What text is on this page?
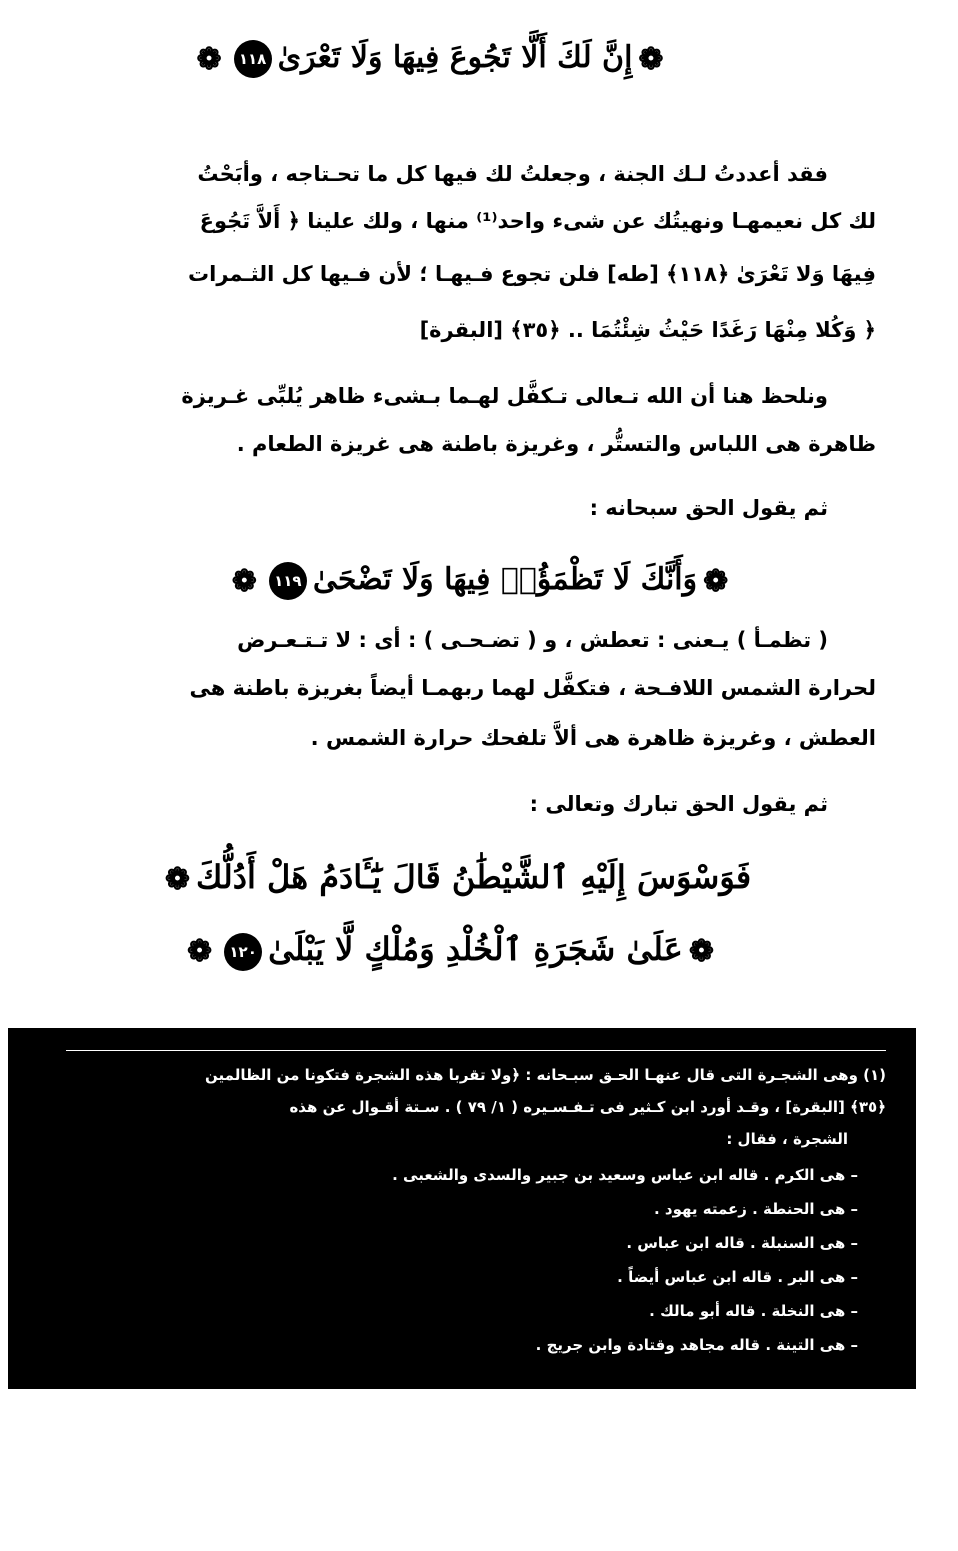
❁إِنَّ لَكَ أَلَّا تَجُوعَ فِيهَا وَلَا تَعْرَىٰ١١٨❁
فقد أعددتُ لـك الجنة ، وجعلتُ لك فيها كل ما تحـتاجه ، وأبَحْتُ
لك كل نعيمهـا ونهيتُك عن شىء واحد⁽¹⁾ منها ، ولك علينا ﴿ أَلاَّ تَجُوعَ
فِيهَا وَلا تَعْرَىٰ ﴿١١٨﴾ [طه] فلن تجوع فـيهـا ؛ لأن فـيها كل الثـمرات
﴿ وَكُلا مِنْهَا رَغَدًا حَيْثُ شِئْتُمَا .. ﴿٣٥﴾ [البقرة]
ونلحظ هنا أن الله تـعالى تـكفَّل لهـما بـشىء ظاهر يُلبِّى غـريزة
ظاهرة هى اللباس والتستُّر ، وغريزة باطنة هى غريزة الطعام .
ثم يقول الحق سبحانه :
❁وَأَنَّكَ لَا تَظْمَؤُا۟ فِيهَا وَلَا تَضْحَىٰ١١٩❁
( تظمـأ ) يـعنى : تعطش ، و ( تضـحـى ) : أى : لا تـتـعـرض
لحرارة الشمس اللافـحة ، فتكفَّل لهما ربهمـا أيضاً بغريزة باطنة هى
العطش ، وغريزة ظاهرة هى ألاَّ تلفحك حرارة الشمس .
ثم يقول الحق تبارك وتعالى :
فَوَسْوَسَ إِلَيْهِ ٱلشَّيْطَٰنُ قَالَ يَٰٓـَٔادَمُ هَلْ أَدُلُّكَ❁
❁عَلَىٰ شَجَرَةِ ٱلْخُلْدِ وَمُلْكٍ لَّا يَبْلَىٰ١٢٠❁
(١) وهى الشجـرة التى قال عنهـا الحـق سبـحانه : ﴿ولا تقربا هذه الشجرة فتكونا من الظالمين
﴿٣٥﴾ [البقرة] ، وقـد أورد ابن كـثير فى تـفـسـيره ( ١/ ٧٩ ) . سـتة أقـوال عن هذه
الشجرة ، فقال :
– هى الكرم . قاله ابن عباس وسعيد بن جبير والسدى والشعبى .
– هى الحنطة . زعمته يهود .
– هى السنبلة . قاله ابن عباس .
– هى البر . قاله ابن عباس أيضاً .
– هى النخلة . قاله أبو مالك .
– هى التينة . قاله مجاهد وقتادة وابن جريج .
